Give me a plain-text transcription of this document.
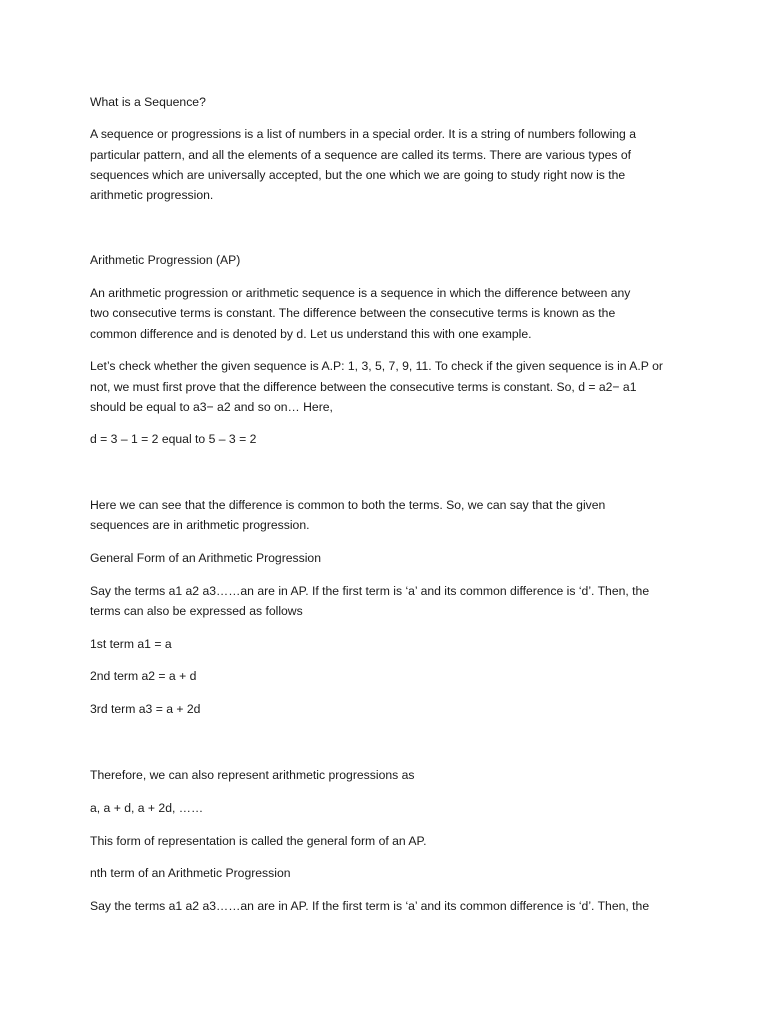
What is a Sequence?
A sequence or progressions is a list of numbers in a special order. It is a string of numbers following a
particular pattern, and all the elements of a sequence are called its terms. There are various types of
sequences which are universally accepted, but the one which we are going to study right now is the
arithmetic progression.
Arithmetic Progression (AP)
An arithmetic progression or arithmetic sequence is a sequence in which the difference between any
two consecutive terms is constant. The difference between the consecutive terms is known as the
common difference and is denoted by d. Let us understand this with one example.
Let’s check whether the given sequence is A.P: 1, 3, 5, 7, 9, 11. To check if the given sequence is in A.P or
not, we must first prove that the difference between the consecutive terms is constant. So, d = a2− a1
should be equal to a3− a2 and so on… Here,
d = 3 – 1 = 2 equal to 5 – 3 = 2
Here we can see that the difference is common to both the terms. So, we can say that the given
sequences are in arithmetic progression.
General Form of an Arithmetic Progression
Say the terms a1 a2 a3……an are in AP. If the first term is ‘a’ and its common difference is ‘d’. Then, the
terms can also be expressed as follows
1st term a1 = a
2nd term a2 = a + d
3rd term a3 = a + 2d
Therefore, we can also represent arithmetic progressions as
a, a + d, a + 2d, ……
This form of representation is called the general form of an AP.
nth term of an Arithmetic Progression
Say the terms a1 a2 a3……an are in AP. If the first term is ‘a’ and its common difference is ‘d’. Then, the
